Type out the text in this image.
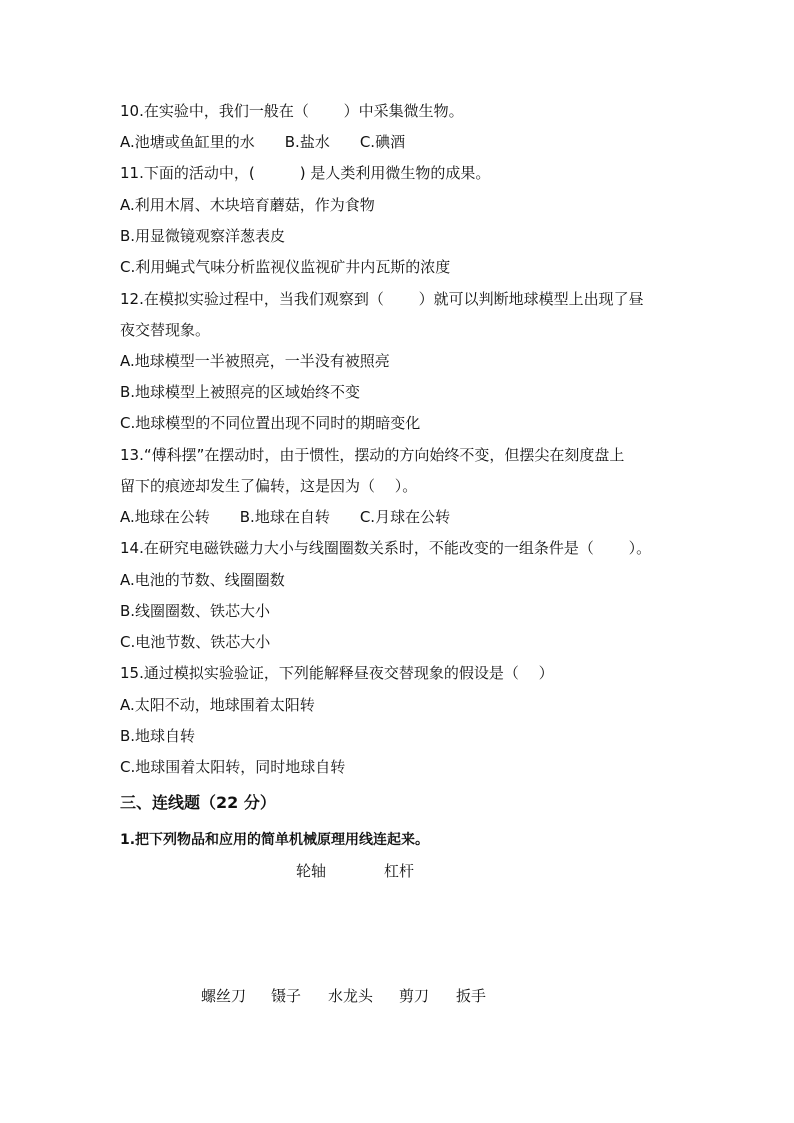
10.在实验中，我们一般在（　　 ）中采集微生物。
A.池塘或鱼缸里的水　　B.盐水　　C.碘酒
11.下面的活动中，(　　　) 是人类利用微生物的成果。
A.利用木屑、木块培育蘑菇，作为食物
B.用显微镜观察洋葱表皮
C.利用蝇式气味分析监视仪监视矿井内瓦斯的浓度
12.在模拟实验过程中，当我们观察到（　　 ）就可以判断地球模型上出现了昼
夜交替现象。
A.地球模型一半被照亮，一半没有被照亮
B.地球模型上被照亮的区域始终不变
C.地球模型的不同位置出现不同时的期暗变化
13.“傅科摆”在摆动时，由于惯性，摆动的方向始终不变，但摆尖在刻度盘上
留下的痕迹却发生了偏转，这是因为（　 ）。
A.地球在公转　　B.地球在自转　　C.月球在公转
14.在研究电磁铁磁力大小与线圈圈数关系时，不能改变的一组条件是（　　 ）。
A.电池的节数、线圈圈数
B.线圈圈数、铁芯大小
C.电池节数、铁芯大小
15.通过模拟实验验证，下列能解释昼夜交替现象的假设是（　 ）
A.太阳不动，地球围着太阳转
B.地球自转
C.地球围着太阳转，同时地球自转
三、连线题（22 分）
1.把下列物品和应用的简单机械原理用线连起来。
轮轴	杠杆
螺丝刀 镊子 水龙头 剪刀 扳手
